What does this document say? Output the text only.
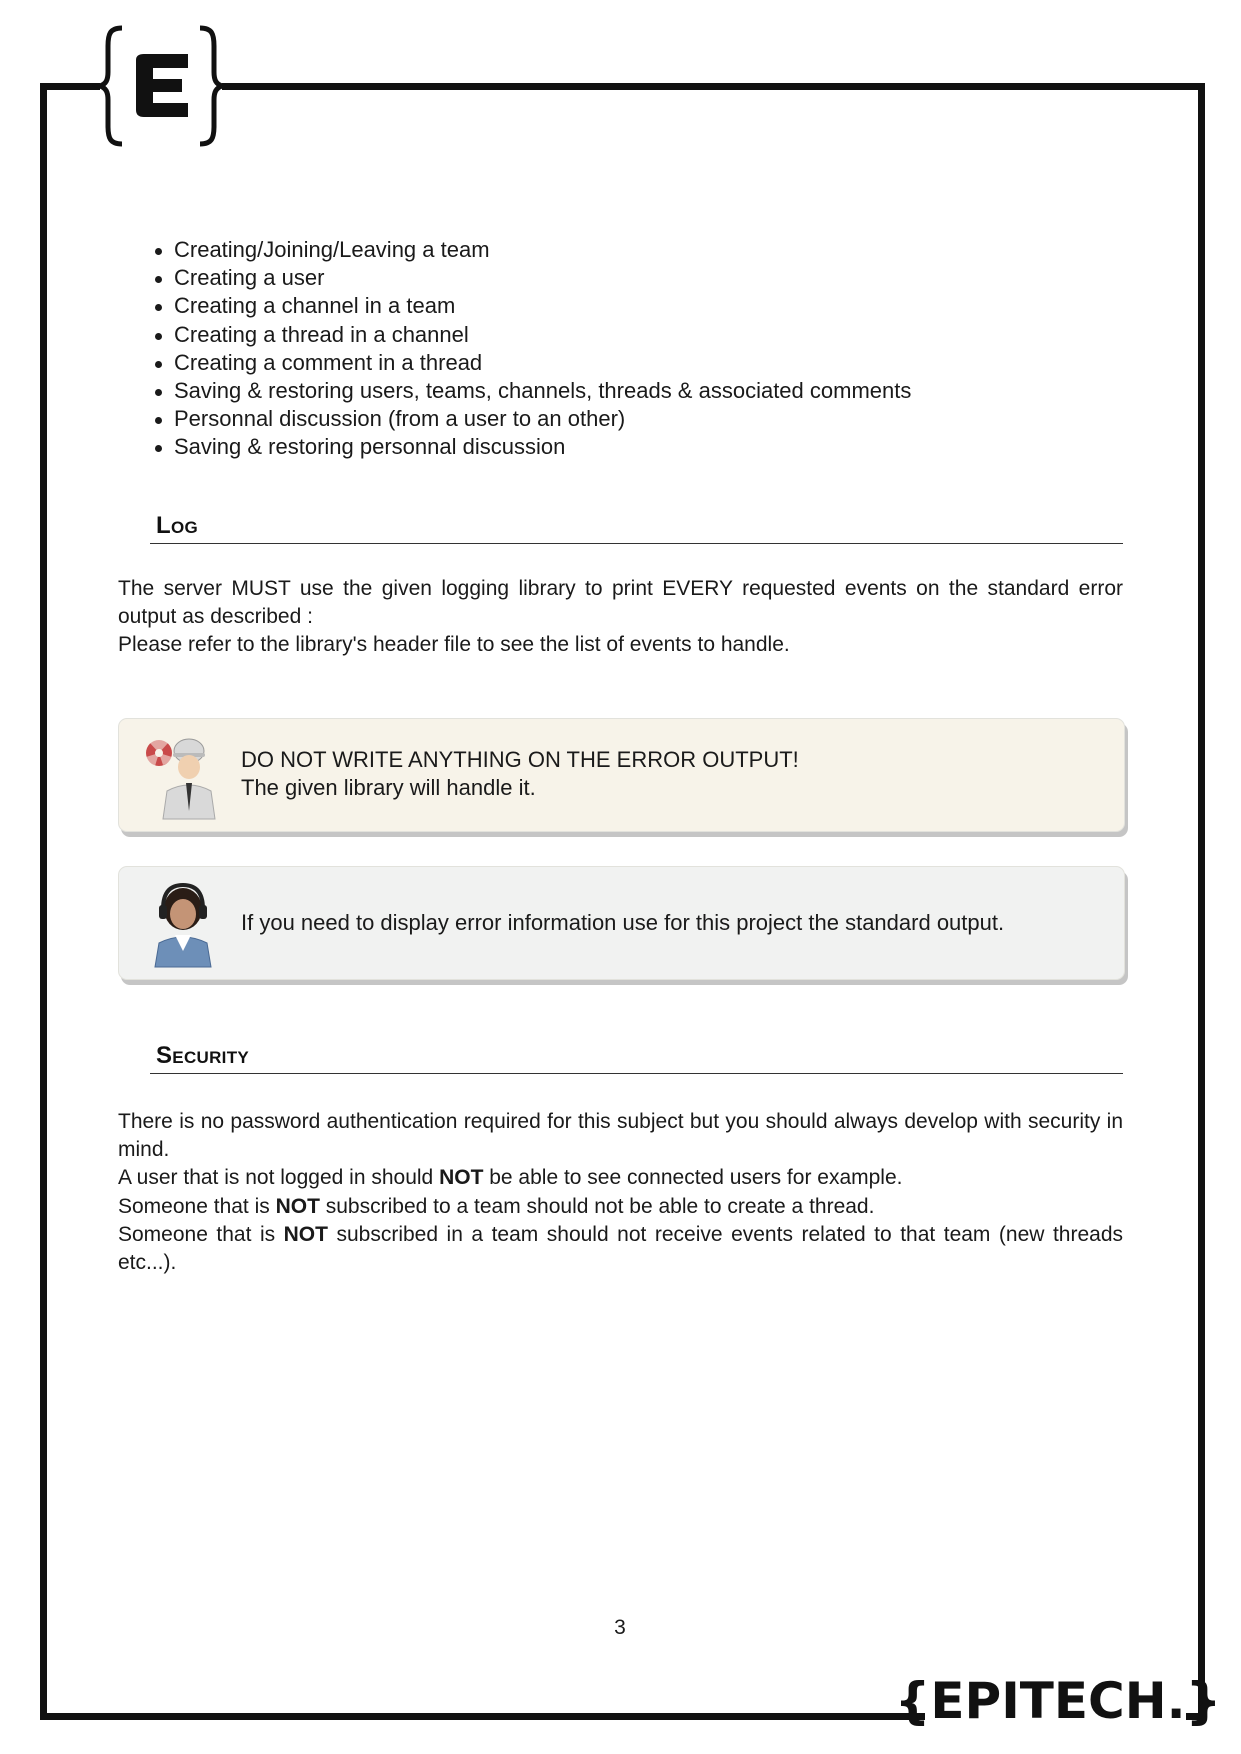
Creating/Joining/Leaving a team
Creating a user
Creating a channel in a team
Creating a thread in a channel
Creating a comment in a thread
Saving & restoring users, teams, channels, threads & associated comments
Personnal discussion (from a user to an other)
Saving & restoring personnal discussion
Log

The server MUST use the given logging library to print EVERY requested events on the standard error output as described :

Please refer to the library's header file to see the list of events to handle.

DO NOT WRITE ANYTHING ON THE ERROR OUTPUT!
The given library will handle it.
If you need to display error information use for this project the standard output.
Security

There is no password authentication required for this subject but you should always develop with security in mind.

A user that is not logged in should NOT be able to see connected users for example.

Someone that is NOT subscribed to a team should not be able to create a thread.

Someone that is NOT subscribed in a team should not receive events related to that team (new threads etc...).

3
{EPITECH.}
